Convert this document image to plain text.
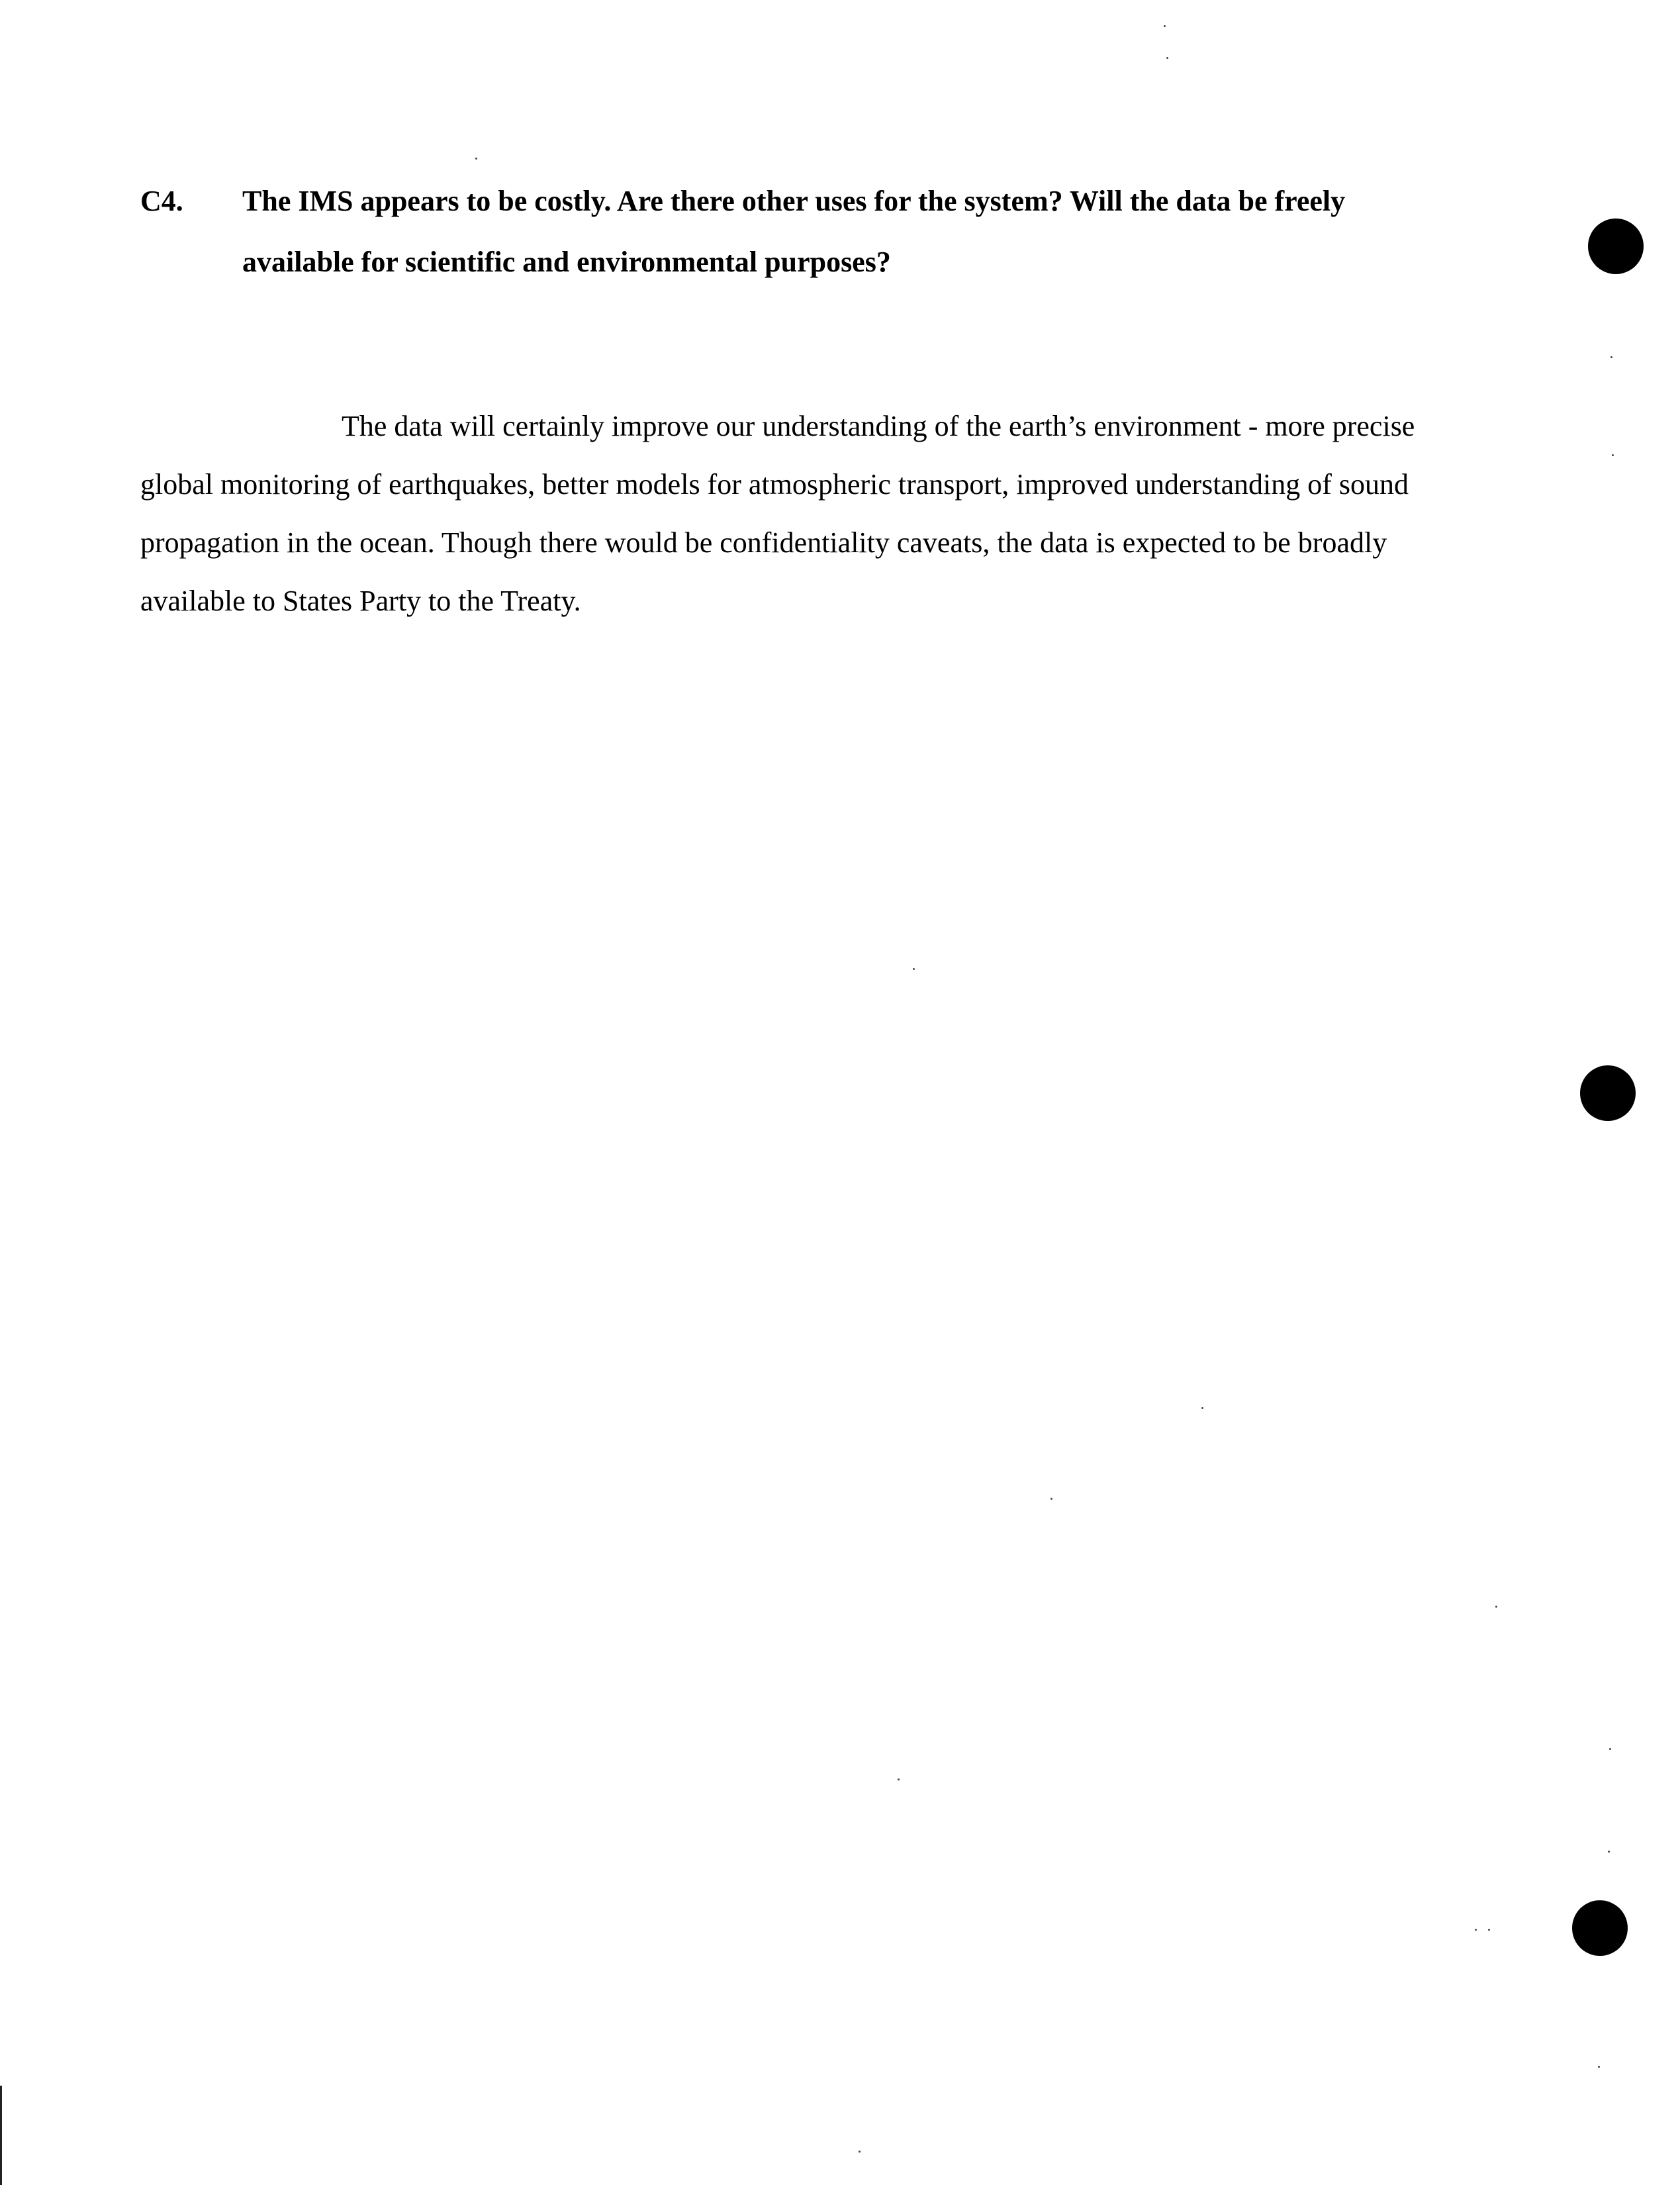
C4. The IMS appears to be costly. Are there other uses for the system? Will the data be freely available for scientific and environmental purposes?
The data will certainly improve our understanding of the earth’s environment - more precise global monitoring of earthquakes, better models for atmospheric transport, improved understanding of sound propagation in the ocean. Though there would be confidentiality caveats, the data is expected to be broadly available to States Party to the Treaty.
